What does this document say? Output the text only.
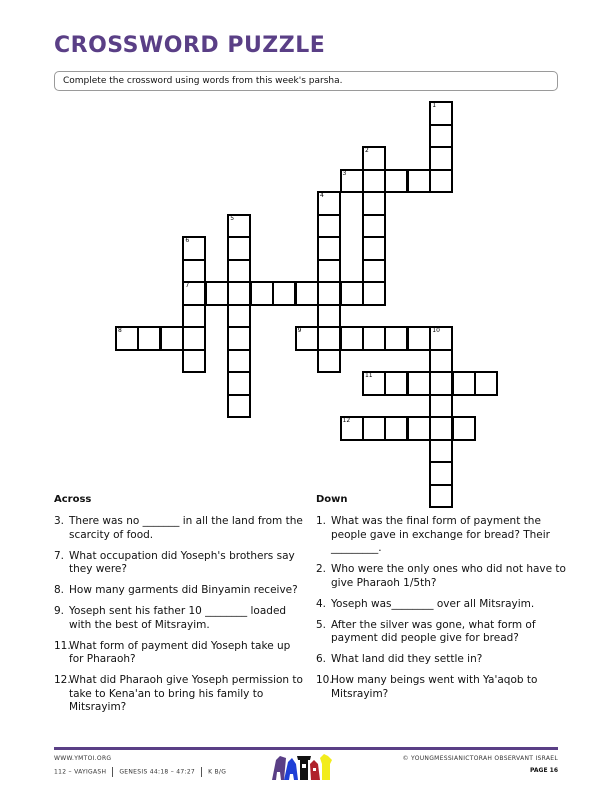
CROSSWORD PUZZLE
Complete the crossword using words from this week's parsha.
1
2
3
4
5
6
7
8	9	10
11
12
Across
3. There was no _______ in all the land from the scarcity of food.
7. What occupation did Yoseph's brothers say they were?
8. How many garments did Binyamin receive?
9. Yoseph sent his father 10 ________ loaded with the best of Mitsrayim.
11.
What form of payment did Yoseph take up for Pharaoh?
12.
What did Pharaoh give Yoseph permission to take to Kena'an to bring his family to Mitsrayim?
Down
1. What was the final form of payment the people gave in exchange for bread? Their _________.
2. Who were the only ones who did not have to give Pharaoh 1/5th?
4. Yoseph was________ over all Mitsrayim.
5. After the silver was gone, what form of payment did people give for bread?
6. What land did they settle in?
10.
How many beings went with Ya'aqob to Mitsrayim?
WWW.YMTOI.ORG
112 – VAYIGASH GENESIS 44:18 – 47:27 K B/G
© YOUNGMESSIANICTORAH OBSERVANT ISRAEL
PAGE 16
